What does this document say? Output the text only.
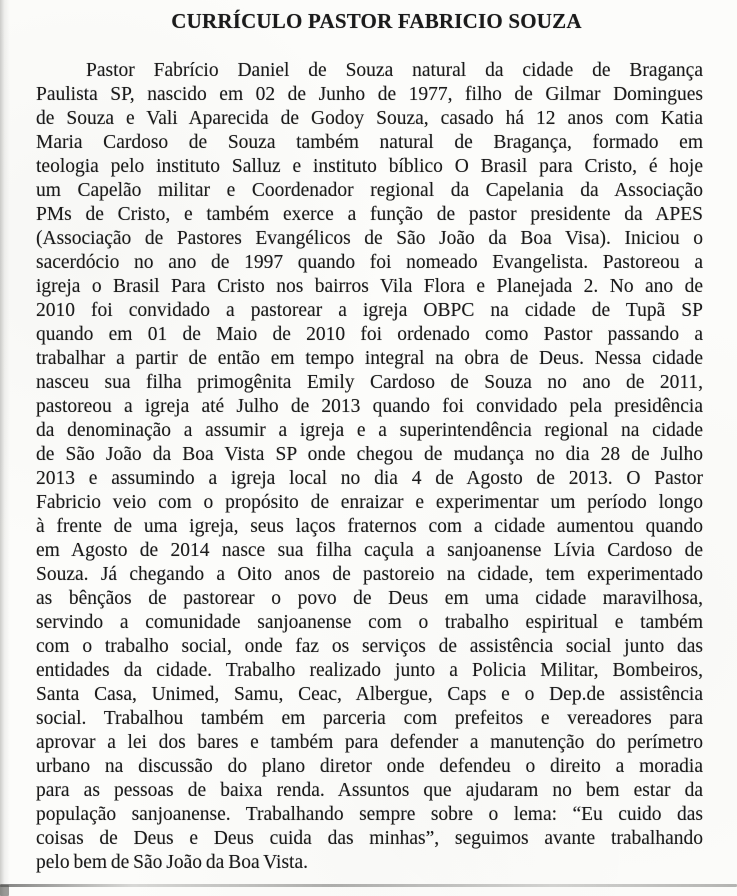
CURRÍCULO PASTOR FABRICIO SOUZA
Pastor Fabrício Daniel de Souza natural da cidade de Bragança
Paulista SP, nascido em 02 de Junho de 1977, filho de Gilmar Domingues
de Souza e Vali Aparecida de Godoy Souza, casado há 12 anos com Katia
Maria Cardoso de Souza também natural de Bragança, formado em
teologia pelo instituto Salluz e instituto bíblico O Brasil para Cristo, é hoje
um Capelão militar e Coordenador regional da Capelania da Associação
PMs de Cristo, e também exerce a função de pastor presidente da APES
(Associação de Pastores Evangélicos de São João da Boa Visa). Iniciou o
sacerdócio no ano de 1997 quando foi nomeado Evangelista. Pastoreou a
igreja o Brasil Para Cristo nos bairros Vila Flora e Planejada 2. No ano de
2010 foi convidado a pastorear a igreja OBPC na cidade de Tupã SP
quando em 01 de Maio de 2010 foi ordenado como Pastor passando a
trabalhar a partir de então em tempo integral na obra de Deus. Nessa cidade
nasceu sua filha primogênita Emily Cardoso de Souza no ano de 2011,
pastoreou a igreja até Julho de 2013 quando foi convidado pela presidência
da denominação a assumir a igreja e a superintendência regional na cidade
de São João da Boa Vista SP onde chegou de mudança no dia 28 de Julho
2013 e assumindo a igreja local no dia 4 de Agosto de 2013. O Pastor
Fabricio veio com o propósito de enraizar e experimentar um período longo
à frente de uma igreja, seus laços fraternos com a cidade aumentou quando
em Agosto de 2014 nasce sua filha caçula a sanjoanense Lívia Cardoso de
Souza. Já chegando a Oito anos de pastoreio na cidade, tem experimentado
as bênçãos de pastorear o povo de Deus em uma cidade maravilhosa,
servindo a comunidade sanjoanense com o trabalho espiritual e também
com o trabalho social, onde faz os serviços de assistência social junto das
entidades da cidade. Trabalho realizado junto a Policia Militar, Bombeiros,
Santa Casa, Unimed, Samu, Ceac, Albergue, Caps e o Dep.de assistência
social. Trabalhou também em parceria com prefeitos e vereadores para
aprovar a lei dos bares e também para defender a manutenção do perímetro
urbano na discussão do plano diretor onde defendeu o direito a moradia
para as pessoas de baixa renda. Assuntos que ajudaram no bem estar da
população sanjoanense. Trabalhando sempre sobre o lema: “Eu cuido das
coisas de Deus e Deus cuida das minhas”, seguimos avante trabalhando
pelo bem de São João da Boa Vista.
